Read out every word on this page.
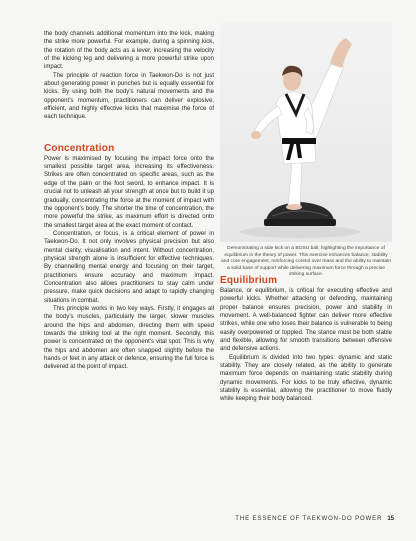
the body channels additional momentum into the kick, making the strike more powerful. For example, during a spinning kick, the rotation of the body acts as a lever, increasing the velocity of the kicking leg and delivering a more powerful strike upon impact.

The principle of reaction force in Taekwon-Do is not just about generating power in punches but is equally essential for kicks. By using both the body’s natural movements and the opponent’s momentum, practitioners can deliver explosive, efficient, and highly effective kicks that maximise the force of each technique.

Concentration

Power is maximised by focusing the impact force onto the smallest possible target area, increasing its effectiveness. Strikes are often concentrated on specific areas, such as the edge of the palm or the foot sword, to enhance impact. It is crucial not to unleash all your strength at once but to build it up gradually, concentrating the force at the moment of impact with the opponent’s body. The shorter the time of concentration, the more powerful the strike, as maximum effort is directed onto the smallest target area at the exact moment of contact.

Concentration, or focus, is a critical element of power in Taekwon-Do. It not only involves physical precision but also mental clarity, visualisation and intent. Without concentration, physical strength alone is insufficient for effective techniques. By channelling mental energy and focusing on their target, practitioners ensure accuracy and maximum impact. Concentration also allows practitioners to stay calm under pressure, make quick decisions and adapt to rapidly changing situations in combat.

This principle works in two key ways. Firstly, it engages all the body’s muscles, particularly the larger, slower muscles around the hips and abdomen, directing them with speed towards the striking tool at the right moment. Secondly, this power is concentrated on the opponent’s vital spot. This is why the hips and abdomen are often snapped slightly before the hands or feet in any attack or defence, ensuring the full force is delivered at the point of impact.

Demonstrating a side kick on a BOSU ball, highlighting the importance of equilibrium in the theory of power. This exercise enhances balance, stability and core engagement, reinforcing control over mass and the ability to maintain a solid base of support while delivering maximum force through a precise striking surface.
Equilibrium

Balance, or equilibrium, is critical for executing effective and powerful kicks. Whether attacking or defending, maintaining proper balance ensures precision, power and stability in movement. A well-balanced fighter can deliver more effective strikes, while one who loses their balance is vulnerable to being easily overpowered or toppled. The stance must be both stable and flexible, allowing for smooth transitions between offensive and defensive actions.

Equilibrium is divided into two types: dynamic and static stability. They are closely related, as the ability to generate maximum force depends on maintaining static stability during dynamic movements. For kicks to be truly effective, dynamic stability is essential, allowing the practitioner to move fluidly while keeping their body balanced.

THE ESSENCE OF TAEKWON-DO POWER 15
